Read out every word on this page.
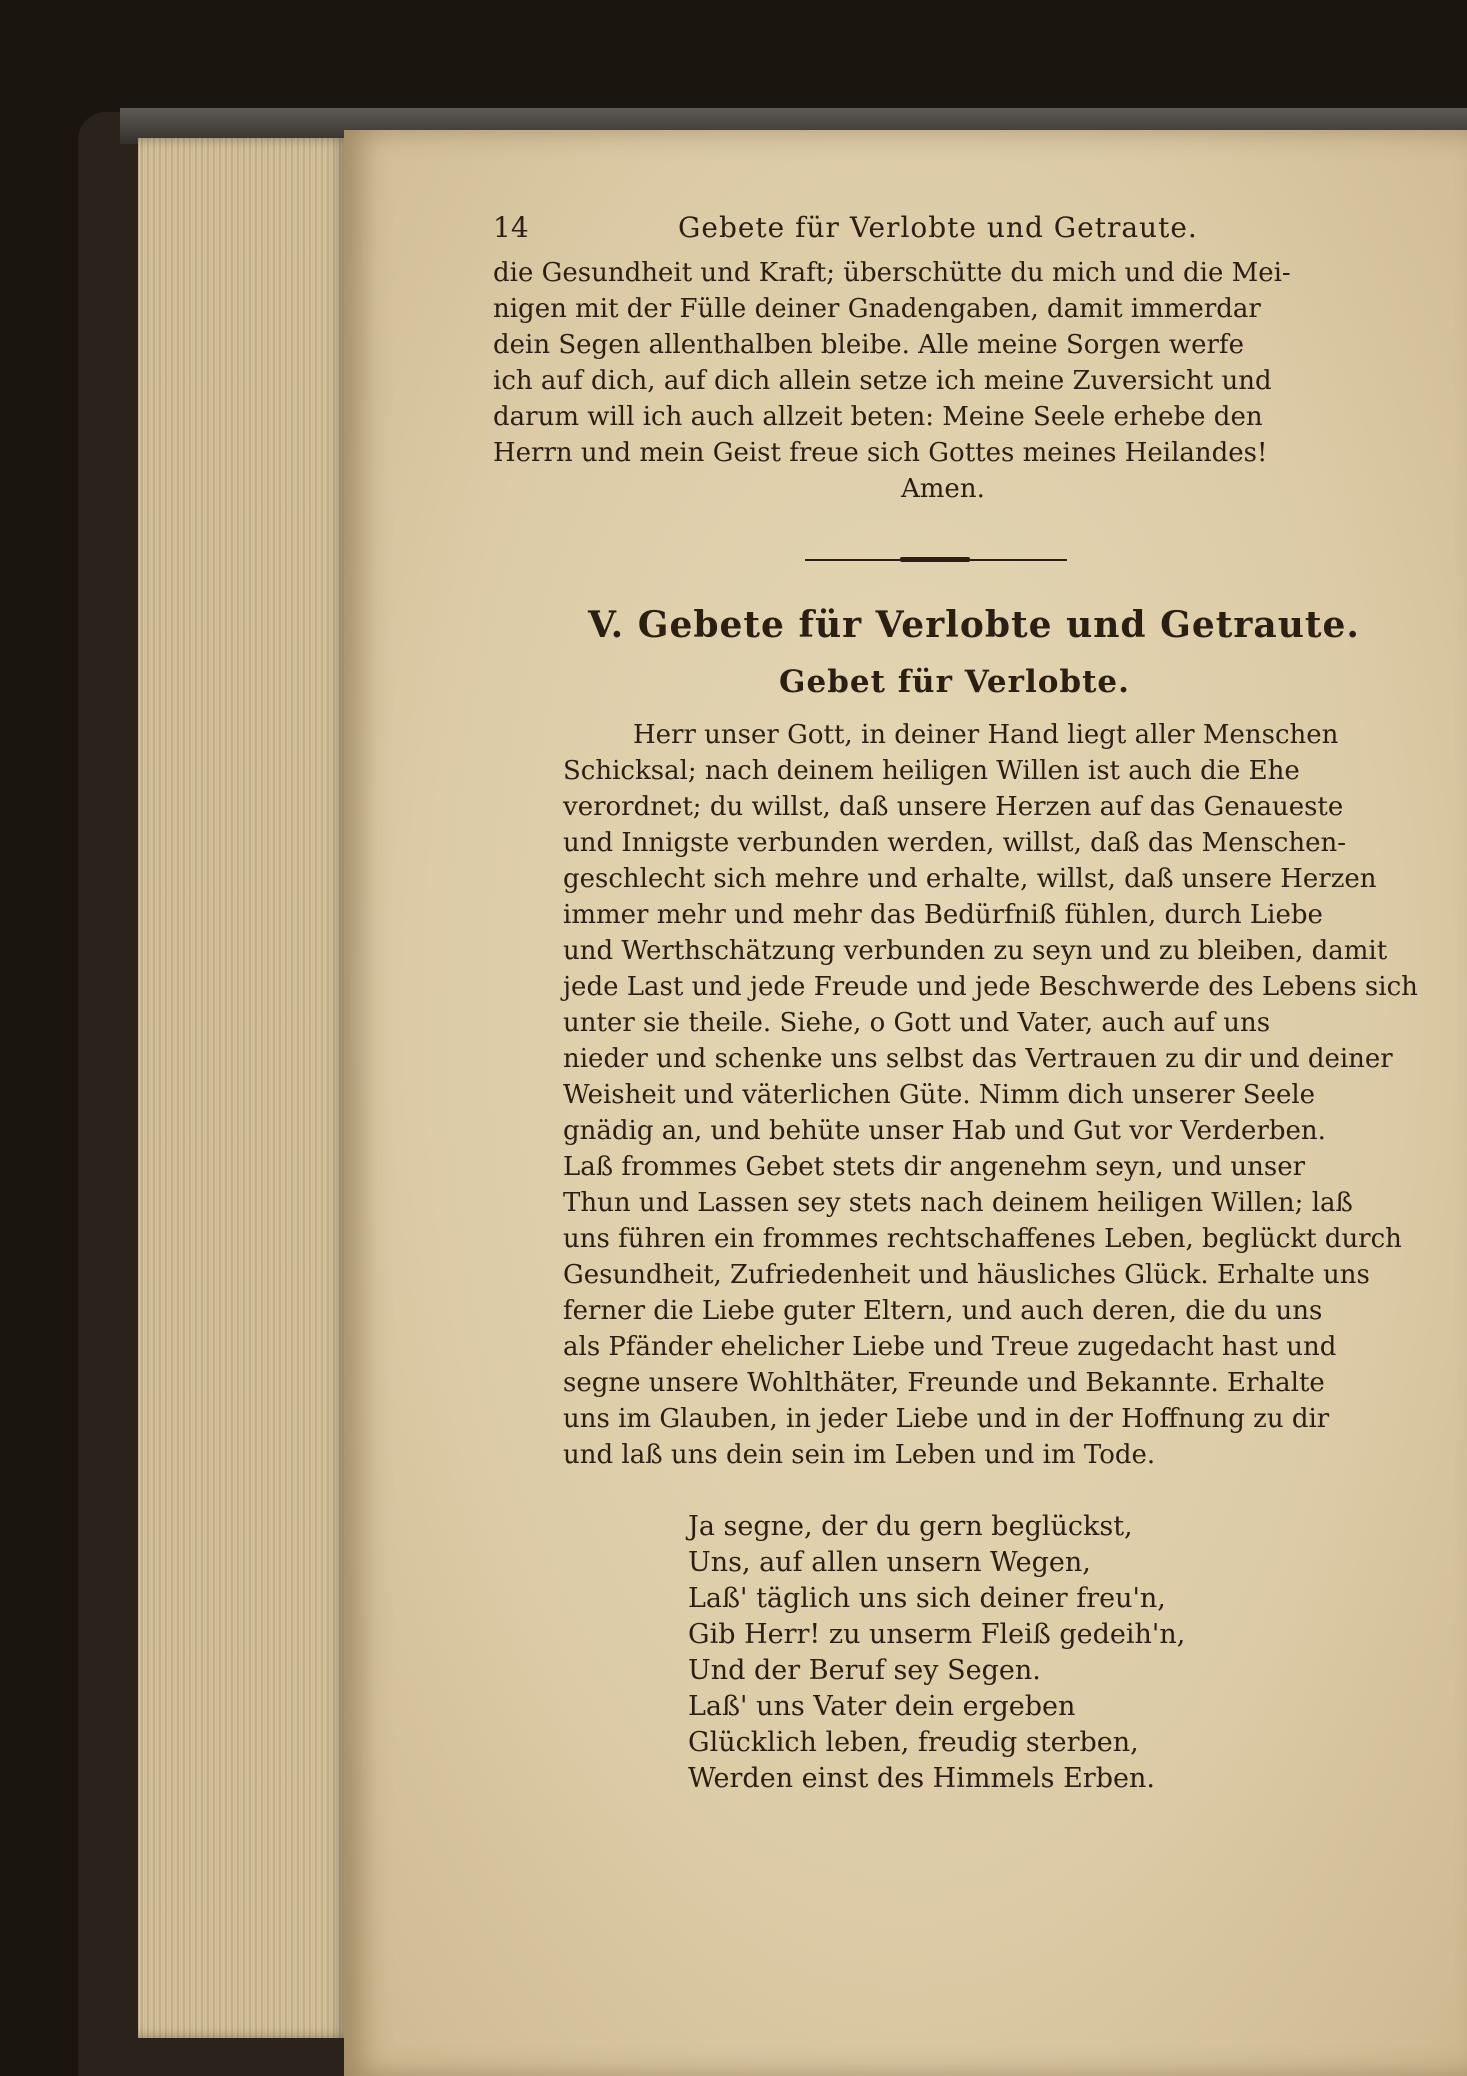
14	Gebete für Verlobte und Getraute.

die Gesundheit und Kraft; überschütte du mich und die Mei-
nigen mit der Fülle deiner Gnadengaben, damit immerdar
dein Segen allenthalben bleibe. Alle meine Sorgen werfe
ich auf dich, auf dich allein setze ich meine Zuversicht und
darum will ich auch allzeit beten: Meine Seele erhebe den
Herrn und mein Geist freue sich Gottes meines Heilandes!
Amen.

V. Gebete für Verlobte und Getraute.
Gebet für Verlobte.

Herr unser Gott, in deiner Hand liegt aller Menschen
Schicksal; nach deinem heiligen Willen ist auch die Ehe
verordnet; du willst, daß unsere Herzen auf das Genaueste
und Innigste verbunden werden, willst, daß das Menschen-
geschlecht sich mehre und erhalte, willst, daß unsere Herzen
immer mehr und mehr das Bedürfniß fühlen, durch Liebe
und Werthschätzung verbunden zu seyn und zu bleiben, damit
jede Last und jede Freude und jede Beschwerde des Lebens sich
unter sie theile. Siehe, o Gott und Vater, auch auf uns
nieder und schenke uns selbst das Vertrauen zu dir und deiner
Weisheit und väterlichen Güte. Nimm dich unserer Seele
gnädig an, und behüte unser Hab und Gut vor Verderben.
Laß frommes Gebet stets dir angenehm seyn, und unser
Thun und Lassen sey stets nach deinem heiligen Willen; laß
uns führen ein frommes rechtschaffenes Leben, beglückt durch
Gesundheit, Zufriedenheit und häusliches Glück. Erhalte uns
ferner die Liebe guter Eltern, und auch deren, die du uns
als Pfänder ehelicher Liebe und Treue zugedacht hast und
segne unsere Wohlthäter, Freunde und Bekannte. Erhalte
uns im Glauben, in jeder Liebe und in der Hoffnung zu dir
und laß uns dein sein im Leben und im Tode.

Ja segne, der du gern beglückst,
Uns, auf allen unsern Wegen,
Laß' täglich uns sich deiner freu'n,
Gib Herr! zu unserm Fleiß gedeih'n,
Und der Beruf sey Segen.
Laß' uns Vater dein ergeben
Glücklich leben, freudig sterben,
Werden einst des Himmels Erben.
